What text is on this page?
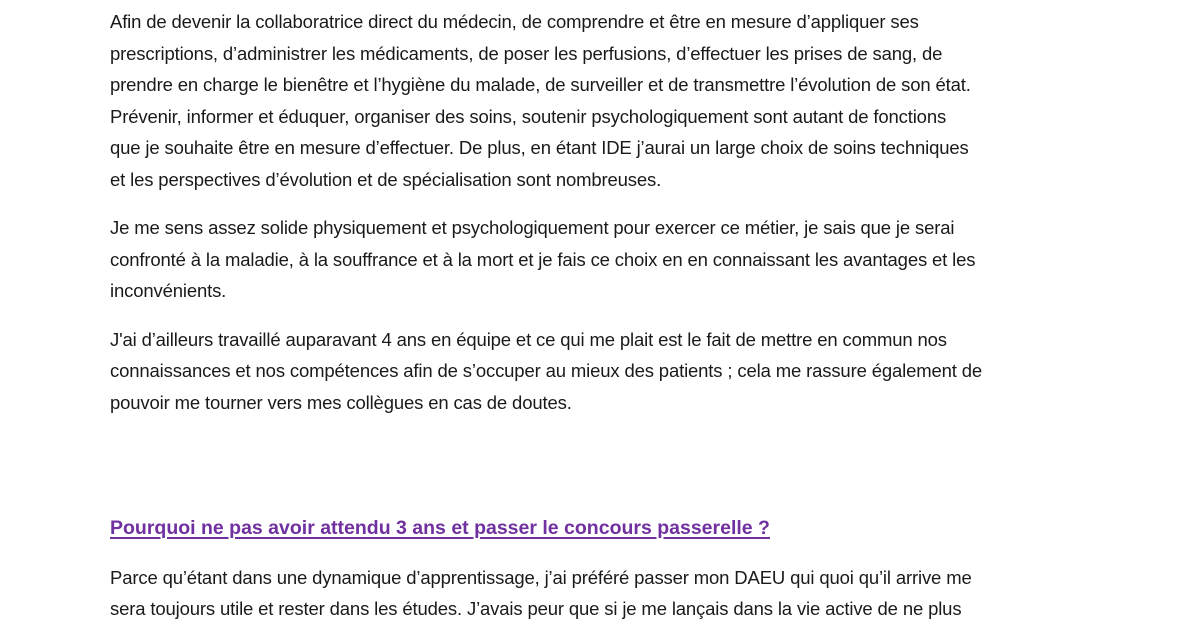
Afin de devenir la collaboratrice direct du médecin, de comprendre et être en mesure d’appliquer ses
prescriptions, d’administrer les médicaments, de poser les perfusions, d’effectuer les prises de sang, de
prendre en charge le bienêtre et l’hygiène du malade, de surveiller et de transmettre l’évolution de son état.
Prévenir, informer et éduquer, organiser des soins, soutenir psychologiquement sont autant de fonctions
que je souhaite être en mesure d’effectuer. De plus, en étant IDE j’aurai un large choix de soins techniques
et les perspectives d’évolution et de spécialisation sont nombreuses.

Je me sens assez solide physiquement et psychologiquement pour exercer ce métier, je sais que je serai
confronté à la maladie, à la souffrance et à la mort et je fais ce choix en en connaissant les avantages et les
inconvénients.

J'ai d’ailleurs travaillé auparavant 4 ans en équipe et ce qui me plait est le fait de mettre en commun nos
connaissances et nos compétences afin de s’occuper au mieux des patients ; cela me rassure également de
pouvoir me tourner vers mes collègues en cas de doutes.

Pourquoi ne pas avoir attendu 3 ans et passer le concours passerelle ?

Parce qu’étant dans une dynamique d’apprentissage, j’ai préféré passer mon DAEU qui quoi qu’il arrive me
sera toujours utile et rester dans les études. J’avais peur que si je me lançais dans la vie active de ne plus
